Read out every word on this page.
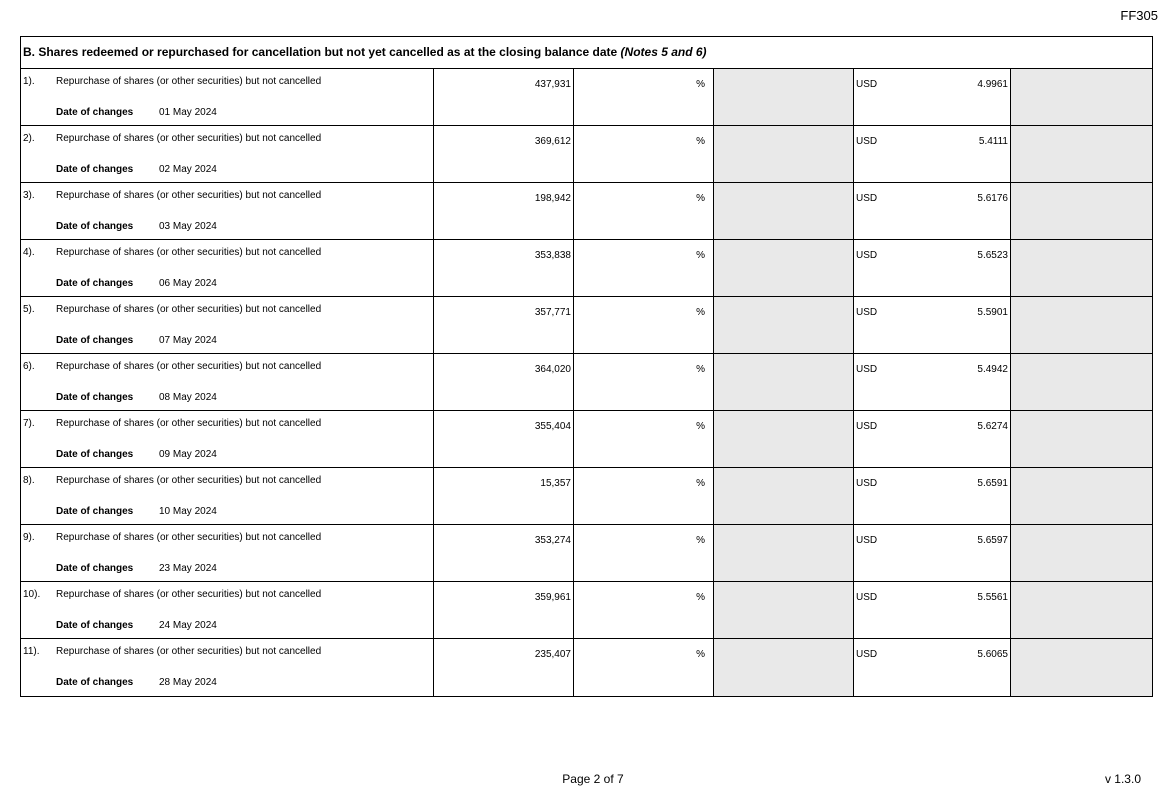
FF305
B. Shares redeemed or repurchased for cancellation but not yet cancelled as at the closing balance date (Notes 5 and 6)
1). Repurchase of shares (or other securities) but not cancelled
Date of changes	01 May 2024
437,931	%	USD	4.9961
2). Repurchase of shares (or other securities) but not cancelled
Date of changes	02 May 2024
369,612	%	USD	5.4111
3). Repurchase of shares (or other securities) but not cancelled
Date of changes	03 May 2024
198,942	%	USD	5.6176
4). Repurchase of shares (or other securities) but not cancelled
Date of changes	06 May 2024
353,838	%	USD	5.6523
5). Repurchase of shares (or other securities) but not cancelled
Date of changes	07 May 2024
357,771	%	USD	5.5901
6). Repurchase of shares (or other securities) but not cancelled
Date of changes	08 May 2024
364,020	%	USD	5.4942
7). Repurchase of shares (or other securities) but not cancelled
Date of changes	09 May 2024
355,404	%	USD	5.6274
8). Repurchase of shares (or other securities) but not cancelled
Date of changes	10 May 2024
15,357	%	USD	5.6591
9). Repurchase of shares (or other securities) but not cancelled
Date of changes	23 May 2024
353,274	%	USD	5.6597
10). Repurchase of shares (or other securities) but not cancelled
Date of changes	24 May 2024
359,961	%	USD	5.5561
11). Repurchase of shares (or other securities) but not cancelled
Date of changes	28 May 2024
235,407	%	USD	5.6065
Page 2 of 7	v 1.3.0
